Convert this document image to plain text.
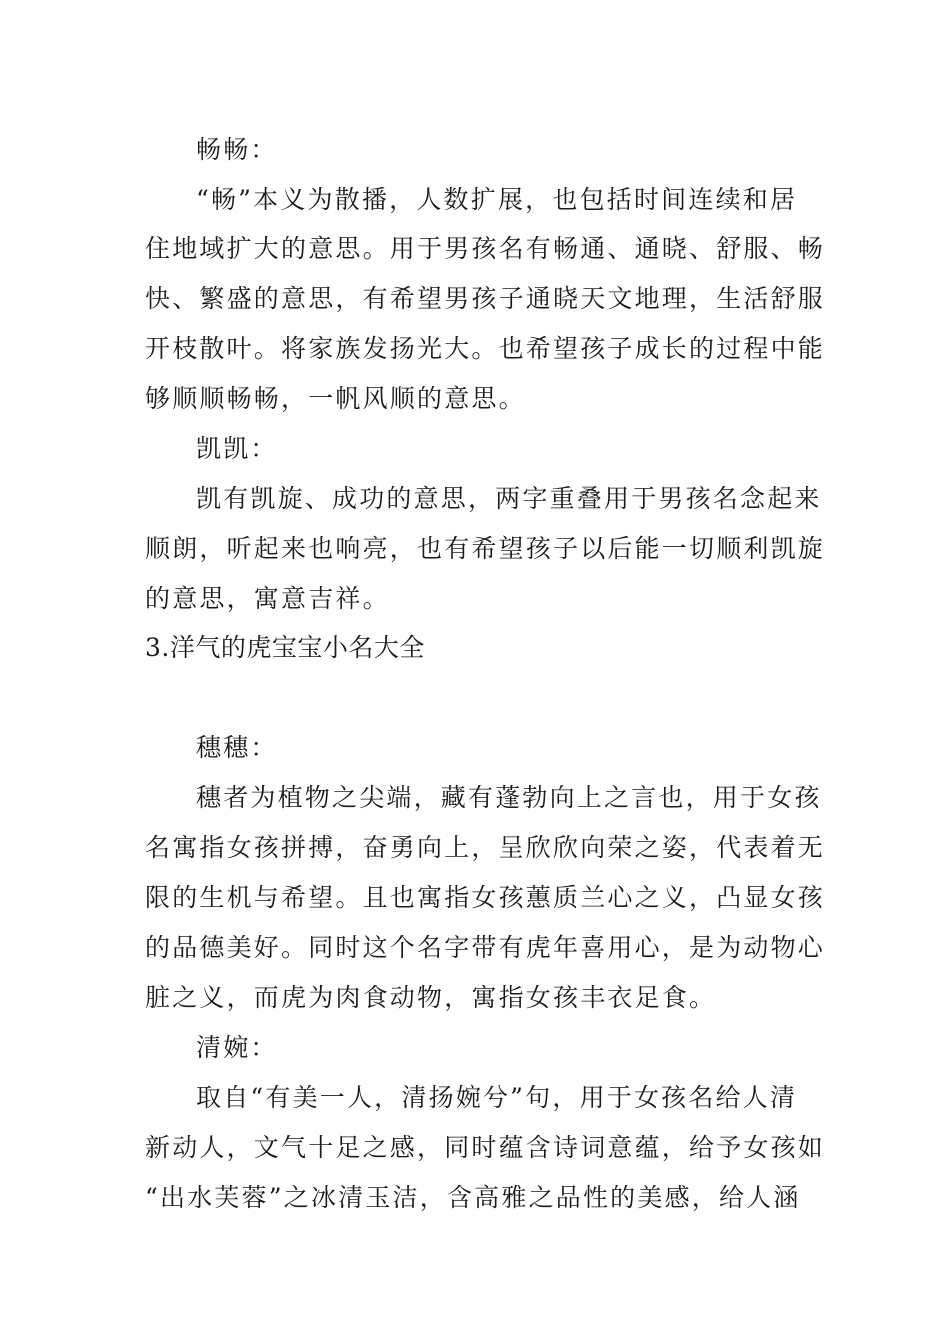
畅畅：

“畅”本义为散播，人数扩展，也包括时间连续和居

住地域扩大的意思。用于男孩名有畅通、通晓、舒服、畅

快、繁盛的意思，有希望男孩子通晓天文地理，生活舒服

开枝散叶。将家族发扬光大。也希望孩子成长的过程中能

够顺顺畅畅，一帆风顺的意思。

凯凯：

凯有凯旋、成功的意思，两字重叠用于男孩名念起来

顺朗，听起来也响亮，也有希望孩子以后能一切顺利凯旋

的意思，寓意吉祥。

3.洋气的虎宝宝小名大全

穗穗：

穗者为植物之尖端，藏有蓬勃向上之言也，用于女孩

名寓指女孩拼搏，奋勇向上，呈欣欣向荣之姿，代表着无

限的生机与希望。且也寓指女孩蕙质兰心之义，凸显女孩

的品德美好。同时这个名字带有虎年喜用心，是为动物心

脏之义，而虎为肉食动物，寓指女孩丰衣足食。

清婉：

取自“有美一人，清扬婉兮”句，用于女孩名给人清

新动人，文气十足之感，同时蕴含诗词意蕴，给予女孩如

“出水芙蓉”之冰清玉洁，含高雅之品性的美感，给人涵
